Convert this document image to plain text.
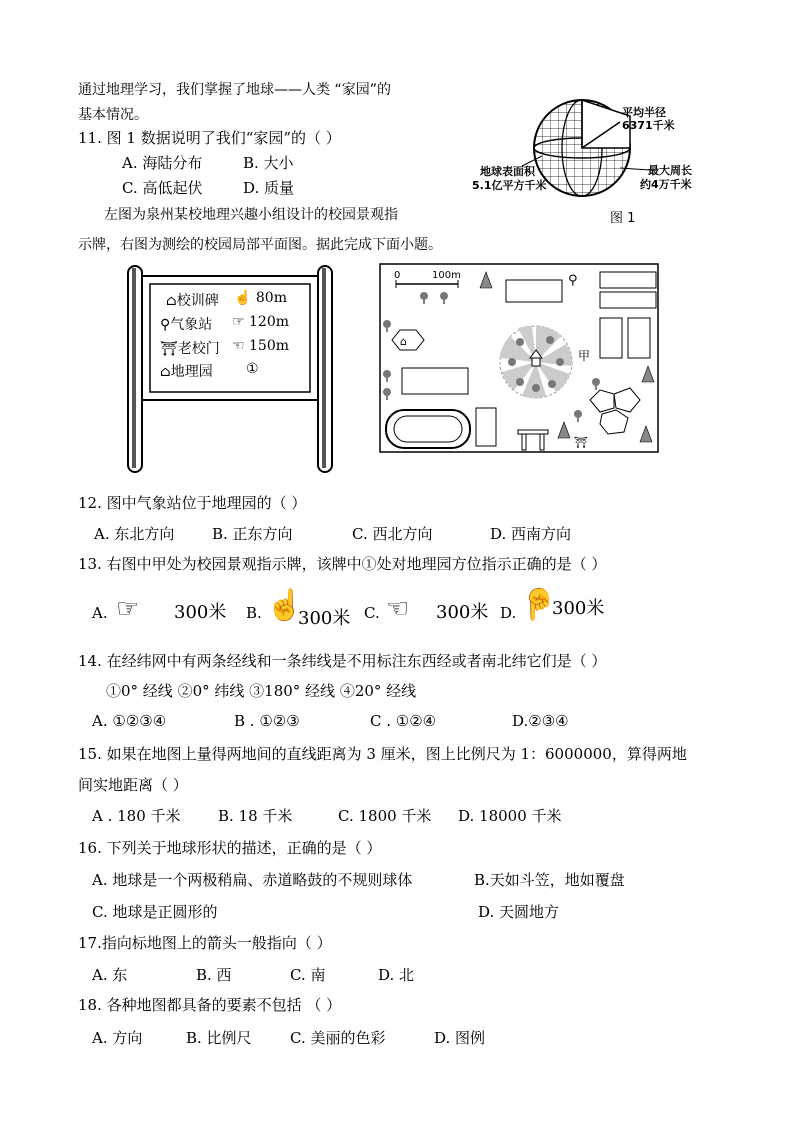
通过地理学习，我们掌握了地球——人类 “家园”的
基本情况。	平均半径
6371千米
最大周长
约4万千米
地球表面积
5.1亿平方千米
图 1
11. 图 1 数据说明了我们“家园”的（ ）
A. 海陆分布	B. 大小
C. 高低起伏	D. 质量
左图为泉州某校地理兴趣小组设计的校园景观指
示牌，右图为测绘的校园局部平面图。据此完成下面小题。
⌂校训碑 ☝ 80m
⚲气象站 ☞ 120m
⛩老校门 ☜ 150m
⌂地理园 ①
0	100m
⌂
⚲
甲
⛩
12. 图中气象站位于地理园的（ ）
A. 东北方向	B. 正东方向	C. 西北方向	D. 西南方向
13. 右图中甲处为校园景观指示牌，该牌中①处对地理园方位指示正确的是（ ）
A. ☞ 300米 B. ☝
300米 C. ☜ 300米 D. ☝
300米
14. 在经纬网中有两条经线和一条纬线是不用标注东西经或者南北纬它们是（ ）
①0° 经线 ②0° 纬线 ③180° 经线 ④20° 经线
A. ①②③④	B . ①②③	C . ①②④	D.②③④
15. 如果在地图上量得两地间的直线距离为 3 厘米，图上比例尺为 1：6000000，算得两地
间实地距离（ ）
A . 180 千米 B. 18 千米	C. 1800 千米 D. 18000 千米
16. 下列关于地球形状的描述，正确的是（ ）
A. 地球是一个两极稍扁、赤道略鼓的不规则球体	B.天如斗笠，地如覆盘
C. 地球是正圆形的	D. 天圆地方
17.指向标地图上的箭头一般指向（ ）
A. 东	B. 西	C. 南	D. 北
18. 各种地图都具备的要素不包括 （ ）
A. 方向	B. 比例尺	C. 美丽的色彩	D. 图例
